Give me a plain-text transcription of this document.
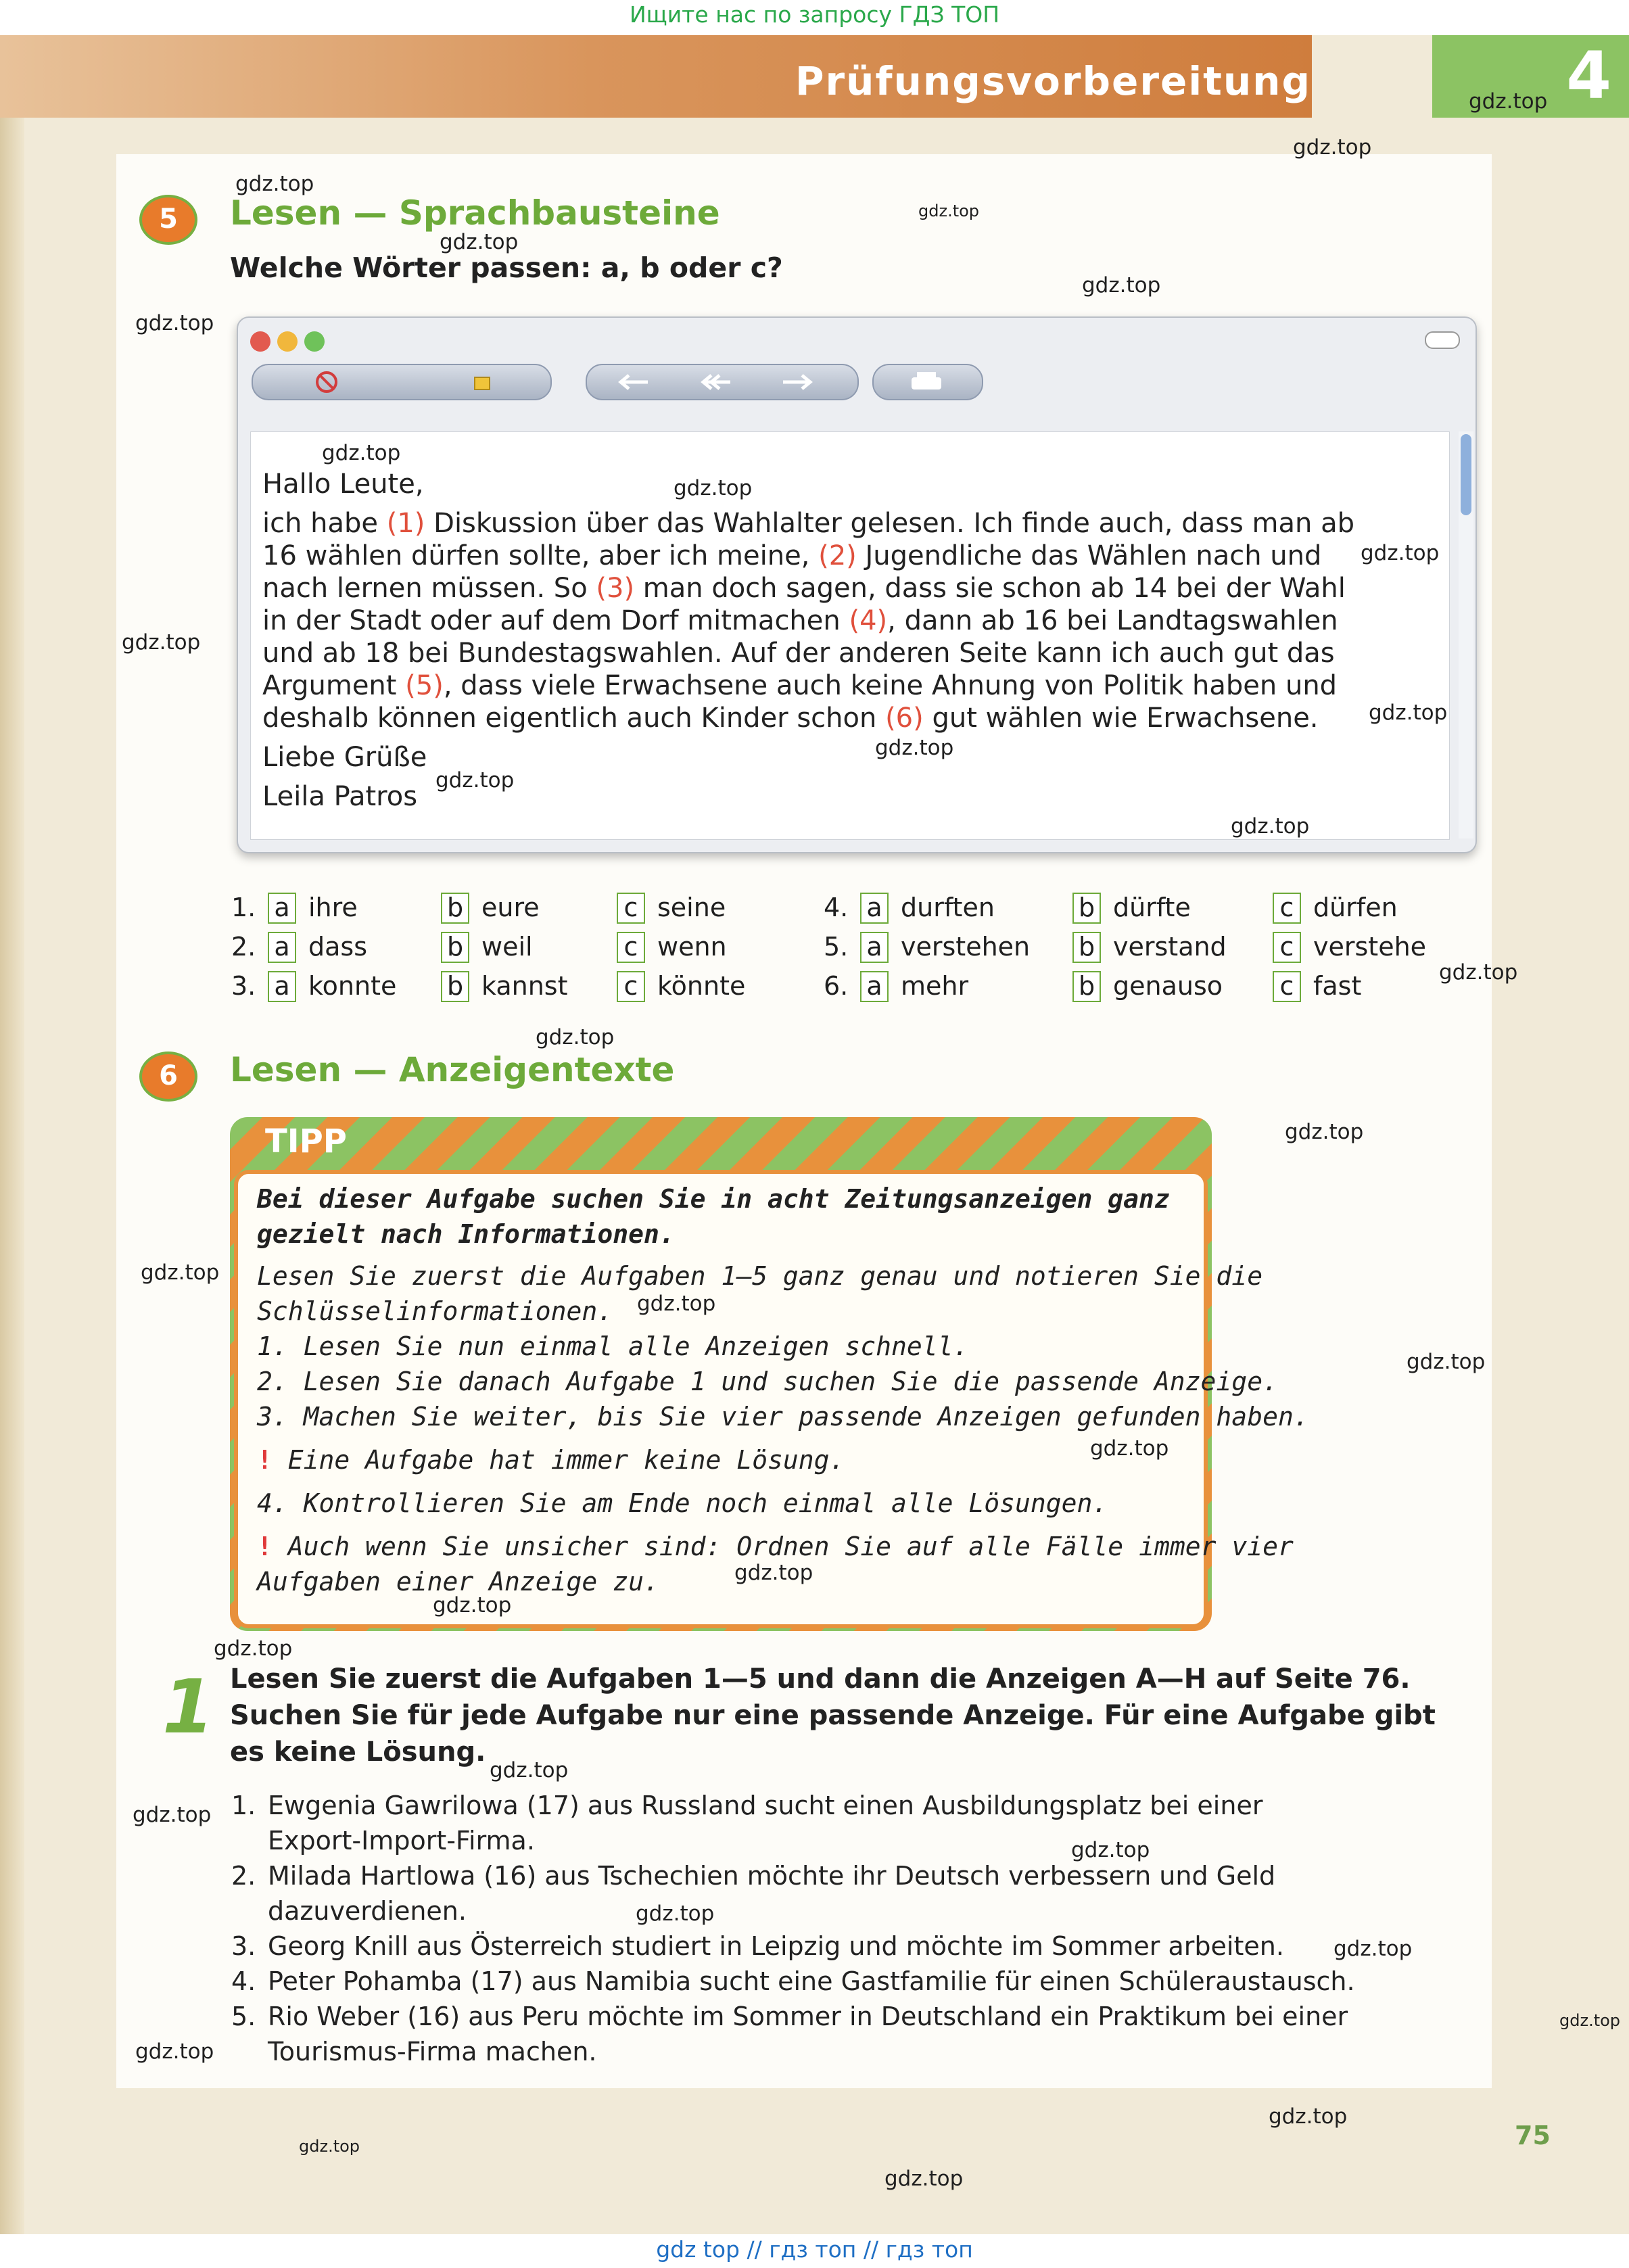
Ищите нас по запросу ГДЗ ТОП
Prüfungsvorbereitung	4
5	Lesen — Sprachbausteine
Welche Wörter passen: a, b oder c?
Hallo Leute,
ich habe (1) Diskussion über das Wahlalter gelesen. Ich finde auch, dass man ab
16 wählen dürfen sollte, aber ich meine, (2) Jugendliche das Wählen nach und
nach lernen müssen. So (3) man doch sagen, dass sie schon ab 14 bei der Wahl
in der Stadt oder auf dem Dorf mitmachen (4), dann ab 16 bei Landtagswahlen
und ab 18 bei Bundestagswahlen. Auf der anderen Seite kann ich auch gut das
Argument (5), dass viele Erwachsene auch keine Ahnung von Politik haben und
deshalb können eigentlich auch Kinder schon (6) gut wählen wie Erwachsene.
Liebe Grüße
Leila Patros
1. a ihre	b eure	c seine
2. a dass	b weil	c wenn
3. a konnte b kannst c könnte
4. a durften	b dürfte	c dürfen
5. a verstehen b verstand c verstehe
6. a mehr	b genauso c fast
6	Lesen — Anzeigentexte
TIPP
Bei dieser Aufgabe suchen Sie in acht Zeitungsanzeigen ganz
gezielt nach Informationen.
Lesen Sie zuerst die Aufgaben 1–5 ganz genau und notieren Sie die
Schlüsselinformationen.
1. Lesen Sie nun einmal alle Anzeigen schnell.
2. Lesen Sie danach Aufgabe 1 und suchen Sie die passende Anzeige.
3. Machen Sie weiter, bis Sie vier passende Anzeigen gefunden haben.
! Eine Aufgabe hat immer keine Lösung.
4. Kontrollieren Sie am Ende noch einmal alle Lösungen.
! Auch wenn Sie unsicher sind: Ordnen Sie auf alle Fälle immer vier
Aufgaben einer Anzeige zu.
1 Lesen Sie zuerst die Aufgaben 1—5 und dann die Anzeigen A—H auf Seite 76.
Suchen Sie für jede Aufgabe nur eine passende Anzeige. Für eine Aufgabe gibt
es keine Lösung.
1. Ewgenia Gawrilowa (17) aus Russland sucht einen Ausbildungsplatz bei einer
Export-Import-Firma.
2. Milada Hartlowa (16) aus Tschechien möchte ihr Deutsch verbessern und Geld
dazuverdienen.
3. Georg Knill aus Österreich studiert in Leipzig und möchte im Sommer arbeiten.
4. Peter Pohamba (17) aus Namibia sucht eine Gastfamilie für einen Schüleraustausch.
5. Rio Weber (16) aus Peru möchte im Sommer in Deutschland ein Praktikum bei einer
Tourismus-Firma machen.
gdz.top
gdz.top
gdz.top
gdz.top
gdz.top
gdz.top
gdz.top
gdz.top
gdz.top
gdz.top
gdz.top
gdz.top
gdz.top
gdz.top
gdz.top
gdz.top
gdz.top
gdz.top
gdz.top
gdz.top
gdz.top
gdz.top
gdz.top
gdz.top
gdz.top
gdz.top
gdz.top
gdz.top
gdz.top
gdz.top
gdz.top
gdz.top
gdz.top
gdz.top
gdz.top
75
gdz top // гдз топ // гдз топ
